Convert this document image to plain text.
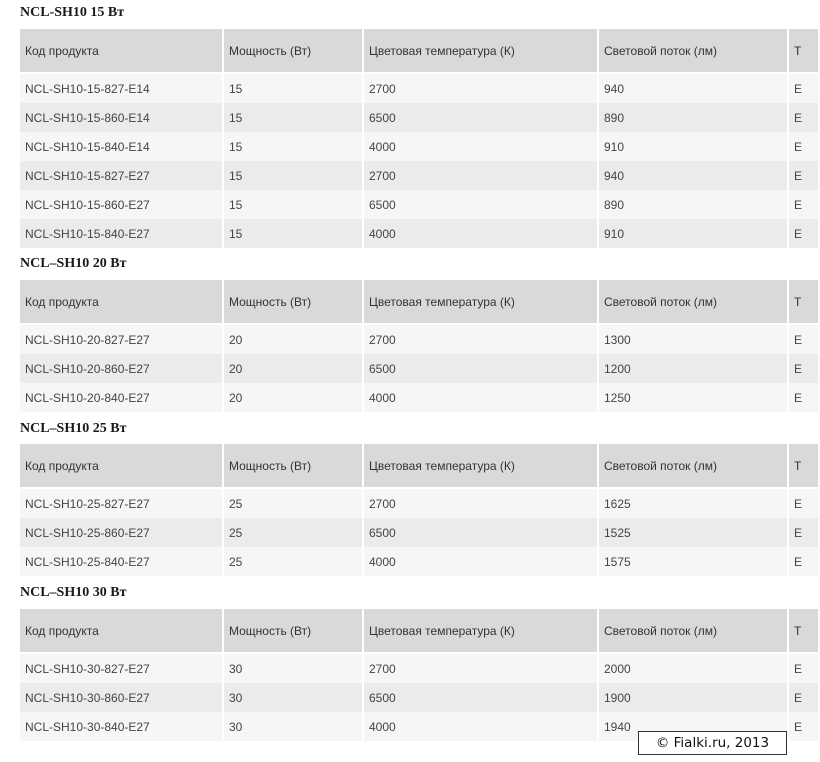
NCL-SH10 15 Вт
Код продукта	Мощность (Вт)	Цветовая температура (К)	Световой поток (лм)	Т
NCL-SH10-15-827-E14	15	2700	940	Е
NCL-SH10-15-860-E14	15	6500	890	Е
NCL-SH10-15-840-E14	15	4000	910	Е
NCL-SH10-15-827-E27	15	2700	940	Е
NCL-SH10-15-860-E27	15	6500	890	Е
NCL-SH10-15-840-E27	15	4000	910	Е
NCL–SH10 20 Вт
Код продукта	Мощность (Вт)	Цветовая температура (К)	Световой поток (лм)	Т
NCL-SH10-20-827-E27	20	2700	1300	Е
NCL-SH10-20-860-E27	20	6500	1200	Е
NCL-SH10-20-840-E27	20	4000	1250	Е
NCL–SH10 25 Вт
Код продукта	Мощность (Вт)	Цветовая температура (К)	Световой поток (лм)	Т
NCL-SH10-25-827-E27	25	2700	1625	Е
NCL-SH10-25-860-E27	25	6500	1525	Е
NCL-SH10-25-840-E27	25	4000	1575	Е
NCL–SH10 30 Вт
Код продукта	Мощность (Вт)	Цветовая температура (К)	Световой поток (лм)	Т
NCL-SH10-30-827-E27	30	2700	2000	Е
NCL-SH10-30-860-E27	30	6500	1900	Е
NCL-SH10-30-840-E27	30	4000	1940	Е
© Fialki.ru, 2013
